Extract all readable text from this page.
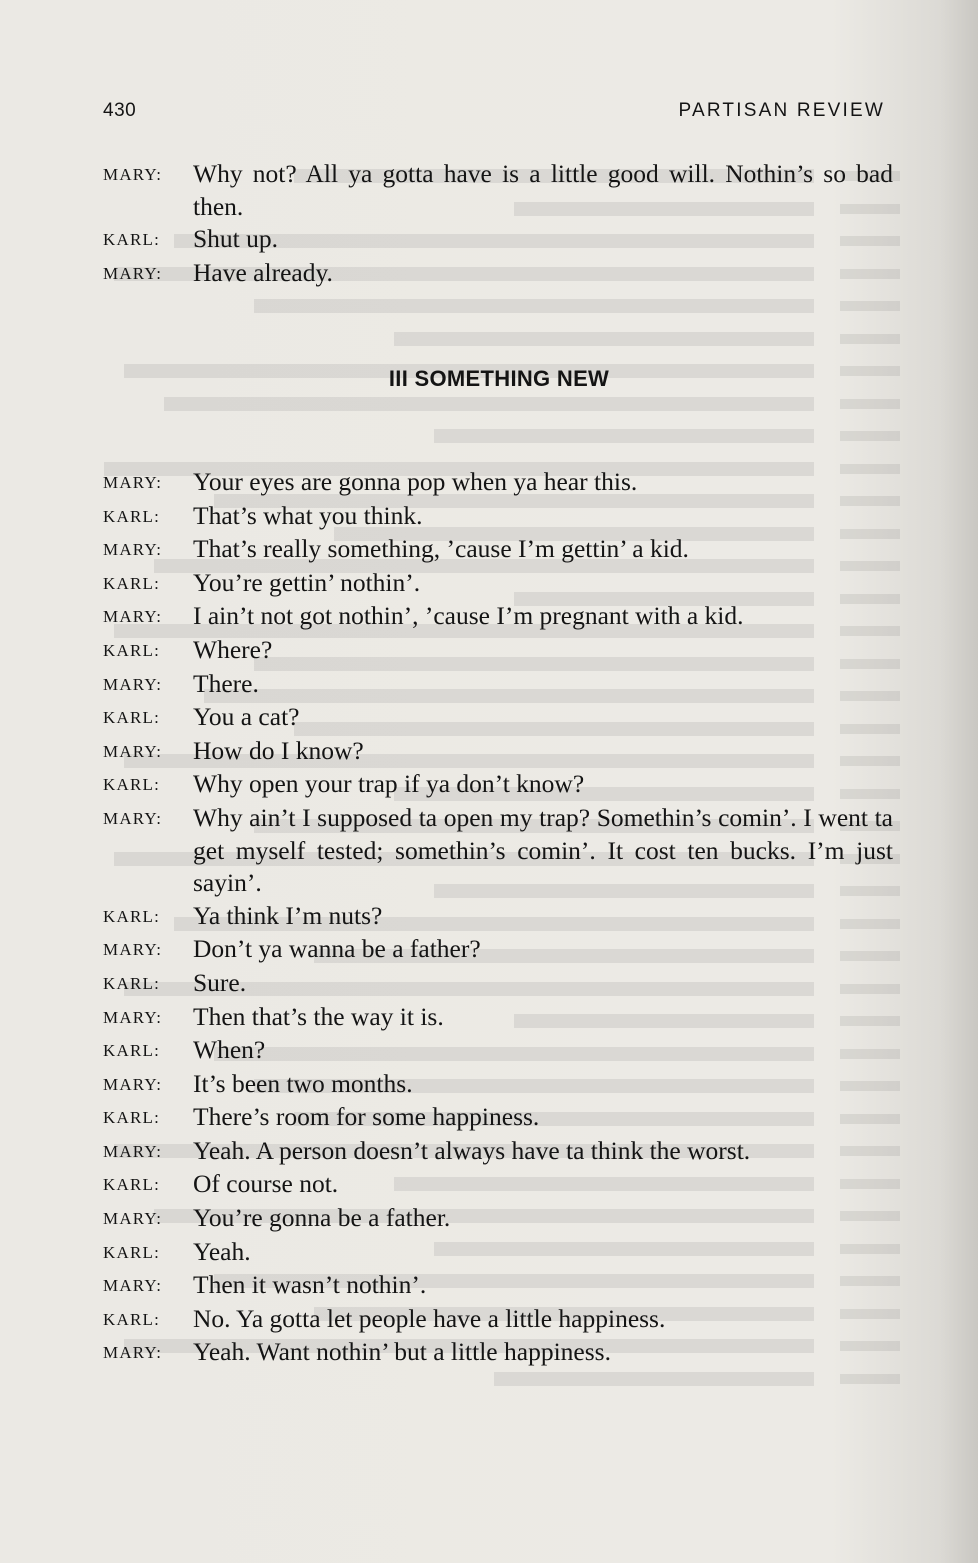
430	PARTISAN REVIEW
MARY:	Why not? All ya gotta have is a little good will. Nothin’s so bad then.
KARL:	Shut up.
MARY:	Have already.
III SOMETHING NEW
MARY:	Your eyes are gonna pop when ya hear this.
KARL:	That’s what you think.
MARY:	That’s really something, ’cause I’m gettin’ a kid.
KARL:	You’re gettin’ nothin’.
MARY:	I ain’t not got nothin’, ’cause I’m pregnant with a kid.
KARL:	Where?
MARY:	There.
KARL:	You a cat?
MARY:	How do I know?
KARL:	Why open your trap if ya don’t know?
MARY:	Why ain’t I supposed ta open my trap? Somethin’s comin’. I went ta get myself tested; somethin’s comin’. It cost ten bucks. I’m just sayin’.
KARL:	Ya think I’m nuts?
MARY:	Don’t ya wanna be a father?
KARL:	Sure.
MARY:	Then that’s the way it is.
KARL:	When?
MARY:	It’s been two months.
KARL:	There’s room for some happiness.
MARY:	Yeah. A person doesn’t always have ta think the worst.
KARL:	Of course not.
MARY:	You’re gonna be a father.
KARL:	Yeah.
MARY:	Then it wasn’t nothin’.
KARL:	No. Ya gotta let people have a little happiness.
MARY:	Yeah. Want nothin’ but a little happiness.
